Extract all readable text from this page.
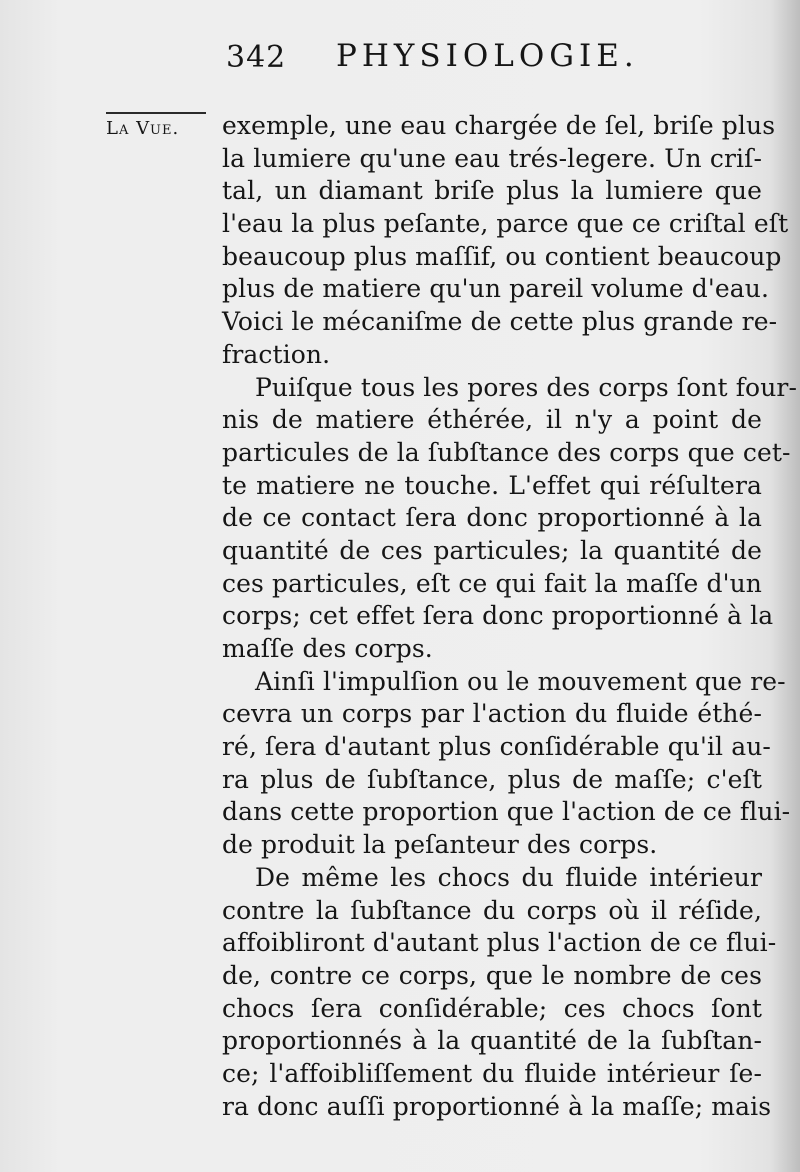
342 PHYSIOLOGIE.
La Vue. exemple, une eau chargée de ſel, briſe plus
la lumiere qu'une eau trés-legere. Un criſ-
tal, un diamant briſe plus la lumiere que
l'eau la plus peſante, parce que ce criſtal eſt
beaucoup plus maſſif, ou contient beaucoup
plus de matiere qu'un pareil volume d'eau.
Voici le mécaniſme de cette plus grande re-
fraction.
Puiſque tous les pores des corps ſont four-
nis de matiere éthérée, il n'y a point de
particules de la ſubſtance des corps que cet-
te matiere ne touche. L'effet qui réſultera
de ce contact ſera donc proportionné à la
quantité de ces particules; la quantité de
ces particules, eſt ce qui fait la maſſe d'un
corps; cet effet ſera donc proportionné à la
maſſe des corps.
Ainſi l'impulſion ou le mouvement que re-
cevra un corps par l'action du fluide éthé-
ré, ſera d'autant plus conſidérable qu'il au-
ra plus de ſubſtance, plus de maſſe; c'eſt
dans cette proportion que l'action de ce flui-
de produit la peſanteur des corps.
De même les chocs du fluide intérieur
contre la ſubſtance du corps où il réſide,
affoibliront d'autant plus l'action de ce flui-
de, contre ce corps, que le nombre de ces
chocs ſera conſidérable; ces chocs ſont
proportionnés à la quantité de la ſubſtan-
ce; l'affoibliſſement du fluide intérieur ſe-
ra donc auſſi proportionné à la maſſe; mais
